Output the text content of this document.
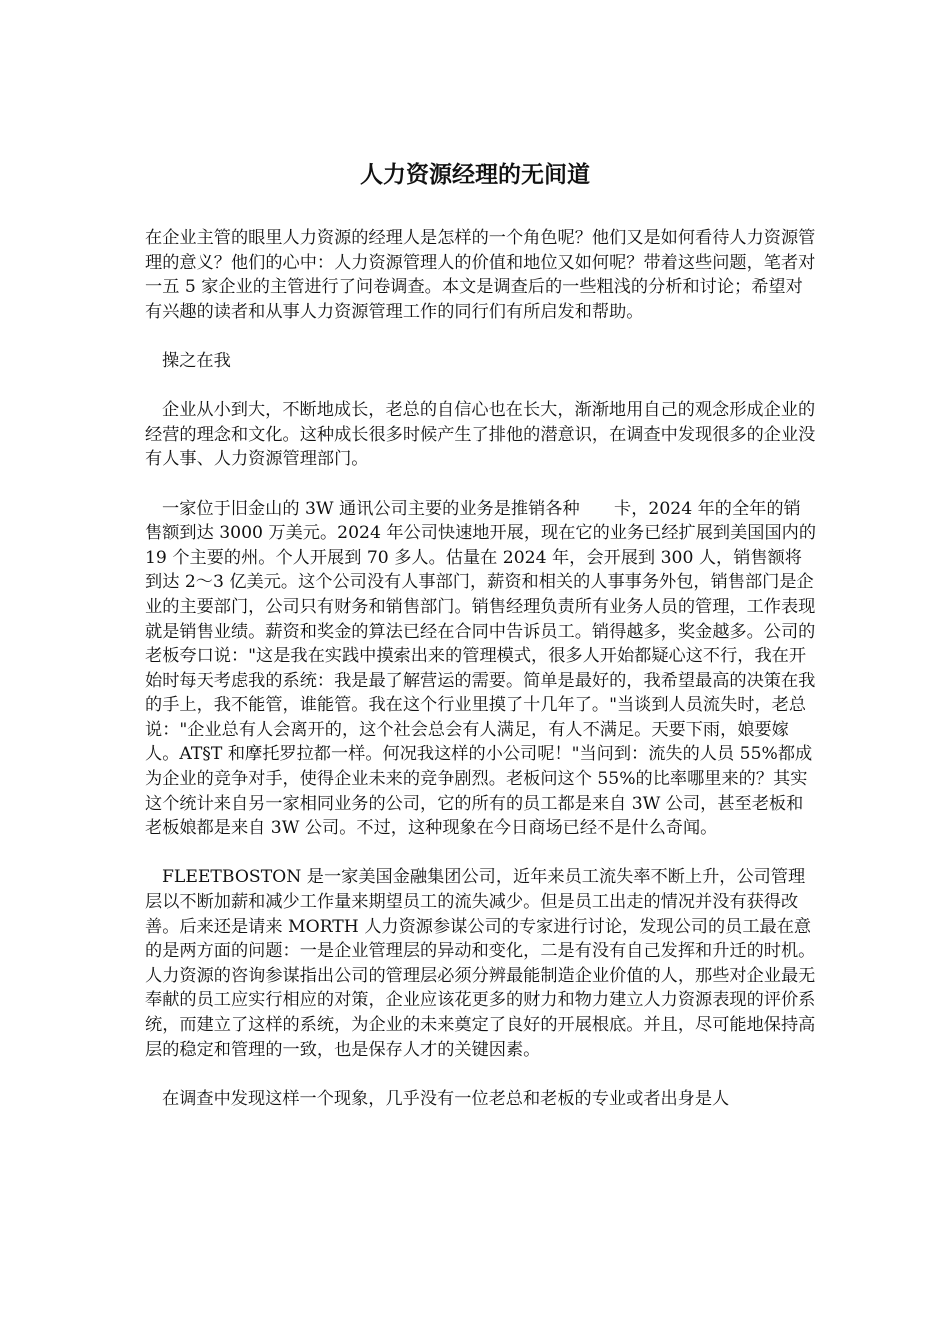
人力资源经理的无间道

在企业主管的眼里人力资源的经理人是怎样的一个角色呢？他们又是如何看待人力资源管理的意义？他们的心中：人力资源管理人的价值和地位又如何呢？带着这些问题，笔者对一五 5 家企业的主管进行了问卷调查。本文是调查后的一些粗浅的分析和讨论；希望对有兴趣的读者和从事人力资源管理工作的同行们有所启发和帮助。

操之在我

企业从小到大，不断地成长，老总的自信心也在长大，渐渐地用自己的观念形成企业的经营的理念和文化。这种成长很多时候产生了排他的潜意识，在调查中发现很多的企业没有人事、人力资源管理部门。

一家位于旧金山的 3W 通讯公司主要的业务是推销各种　　卡，2024 年的全年的销售额到达 3000 万美元。2024 年公司快速地开展，现在它的业务已经扩展到美国国内的 19 个主要的州。个人开展到 70 多人。估量在 2024 年，会开展到 300 人，销售额将到达 2～3 亿美元。这个公司没有人事部门，薪资和相关的人事事务外包，销售部门是企业的主要部门，公司只有财务和销售部门。销售经理负责所有业务人员的管理，工作表现就是销售业绩。薪资和奖金的算法已经在合同中告诉员工。销得越多，奖金越多。公司的老板夸口说："这是我在实践中摸索出来的管理模式，很多人开始都疑心这不行，我在开始时每天考虑我的系统：我是最了解营运的需要。简单是最好的，我希望最高的决策在我的手上，我不能管，谁能管。我在这个行业里摸了十几年了。"当谈到人员流失时，老总说："企业总有人会离开的，这个社会总会有人满足，有人不满足。天要下雨，娘要嫁人。AT§T 和摩托罗拉都一样。何况我这样的小公司呢！"当问到：流失的人员 55%都成为企业的竞争对手，使得企业未来的竞争剧烈。老板问这个 55%的比率哪里来的？其实这个统计来自另一家相同业务的公司，它的所有的员工都是来自 3W 公司，甚至老板和老板娘都是来自 3W 公司。不过，这种现象在今日商场已经不是什么奇闻。

FLEETBOSTON 是一家美国金融集团公司，近年来员工流失率不断上升，公司管理层以不断加薪和减少工作量来期望员工的流失减少。但是员工出走的情况并没有获得改善。后来还是请来 MORTH 人力资源参谋公司的专家进行讨论，发现公司的员工最在意的是两方面的问题：一是企业管理层的异动和变化，二是有没有自己发挥和升迁的时机。人力资源的咨询参谋指出公司的管理层必须分辨最能制造企业价值的人，那些对企业最无奉献的员工应实行相应的对策，企业应该花更多的财力和物力建立人力资源表现的评价系统，而建立了这样的系统，为企业的未来奠定了良好的开展根底。并且，尽可能地保持高层的稳定和管理的一致，也是保存人才的关键因素。

在调查中发现这样一个现象，几乎没有一位老总和老板的专业或者出身是人
